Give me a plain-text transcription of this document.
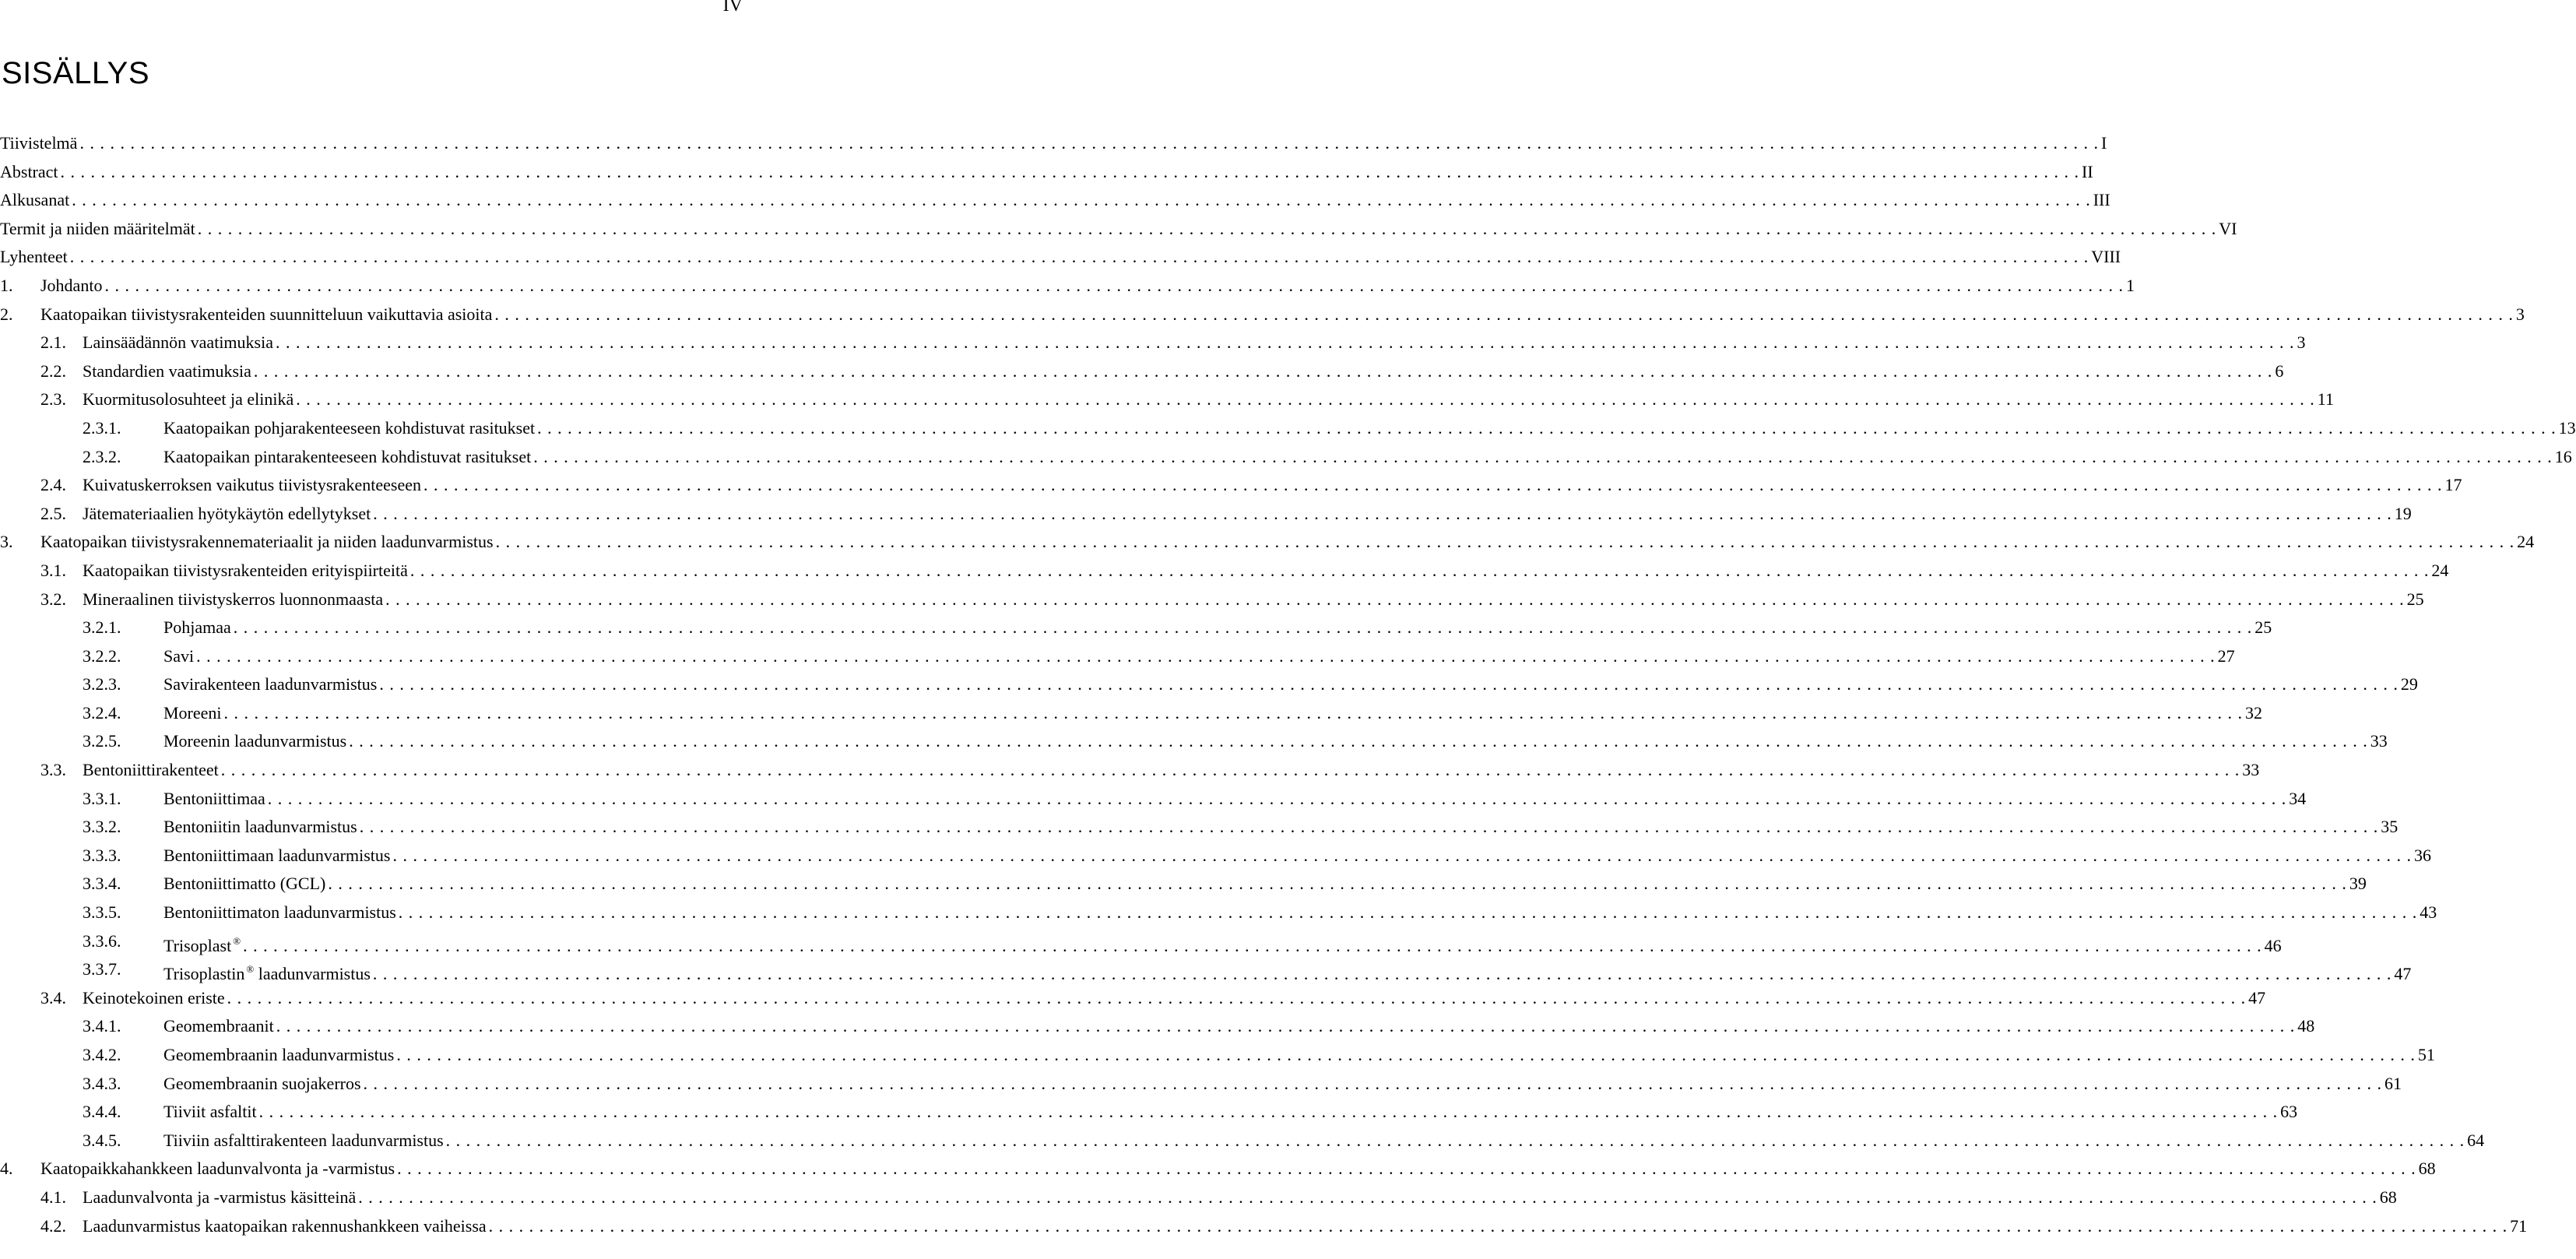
IV
SISÄLLYS
Tiivistelmä . . . . . . . . . . . . . . . . . . . . . . . . . . . . . . . . . . . . . . . . . . . . . . . . . . . . . . . . . . . . . . . . . . . . . . . . . . . . . . . . . . . . . . . . . . . . . . . . . . . . . . . . . . . . . . . . . . . . . . . . . . . . . . . . . . . . . . . . . . . . . . . . . . . . . . . . . . . . . . . . . . . . . . . . . . . . . . . . . . . . . . . . . . . . . . . . . . . . . . . . I
Abstract . . . . . . . . . . . . . . . . . . . . . . . . . . . . . . . . . . . . . . . . . . . . . . . . . . . . . . . . . . . . . . . . . . . . . . . . . . . . . . . . . . . . . . . . . . . . . . . . . . . . . . . . . . . . . . . . . . . . . . . . . . . . . . . . . . . . . . . . . . . . . . . . . . . . . . . . . . . . . . . . . . . . . . . . . . . . . . . . . . . . . . . . . . . . . . . . . . . . . . . . II
Alkusanat . . . . . . . . . . . . . . . . . . . . . . . . . . . . . . . . . . . . . . . . . . . . . . . . . . . . . . . . . . . . . . . . . . . . . . . . . . . . . . . . . . . . . . . . . . . . . . . . . . . . . . . . . . . . . . . . . . . . . . . . . . . . . . . . . . . . . . . . . . . . . . . . . . . . . . . . . . . . . . . . . . . . . . . . . . . . . . . . . . . . . . . . . . . . . . . . . . . . . . . . III
Termit ja niiden määritelmät . . . . . . . . . . . . . . . . . . . . . . . . . . . . . . . . . . . . . . . . . . . . . . . . . . . . . . . . . . . . . . . . . . . . . . . . . . . . . . . . . . . . . . . . . . . . . . . . . . . . . . . . . . . . . . . . . . . . . . . . . . . . . . . . . . . . . . . . . . . . . . . . . . . . . . . . . . . . . . . . . . . . . . . . . . . . . . . . . . . . . . . . . . . . . . . . . . . . . . . . VI
Lyhenteet . . . . . . . . . . . . . . . . . . . . . . . . . . . . . . . . . . . . . . . . . . . . . . . . . . . . . . . . . . . . . . . . . . . . . . . . . . . . . . . . . . . . . . . . . . . . . . . . . . . . . . . . . . . . . . . . . . . . . . . . . . . . . . . . . . . . . . . . . . . . . . . . . . . . . . . . . . . . . . . . . . . . . . . . . . . . . . . . . . . . . . . . . . . . . . . . . . . . . . . . VIII
1. Johdanto . . . . . . . . . . . . . . . . . . . . . . . . . . . . . . . . . . . . . . . . . . . . . . . . . . . . . . . . . . . . . . . . . . . . . . . . . . . . . . . . . . . . . . . . . . . . . . . . . . . . . . . . . . . . . . . . . . . . . . . . . . . . . . . . . . . . . . . . . . . . . . . . . . . . . . . . . . . . . . . . . . . . . . . . . . . . . . . . . . . . . . . . . . . . . . . . . . . . . . . . 1
2. Kaatopaikan tiivistysrakenteiden suunnitteluun vaikuttavia asioita . . . . . . . . . . . . . . . . . . . . . . . . . . . . . . . . . . . . . . . . . . . . . . . . . . . . . . . . . . . . . . . . . . . . . . . . . . . . . . . . . . . . . . . . . . . . . . . . . . . . . . . . . . . . . . . . . . . . . . . . . . . . . . . . . . . . . . . . . . . . . . . . . . . . . . . . . . . . . . . . . . . . . . . . . . . . . . . . . . . . . . . . . . . . . . . . . . . . . . . . 3
2.1. Lainsäädännön vaatimuksia . . . . . . . . . . . . . . . . . . . . . . . . . . . . . . . . . . . . . . . . . . . . . . . . . . . . . . . . . . . . . . . . . . . . . . . . . . . . . . . . . . . . . . . . . . . . . . . . . . . . . . . . . . . . . . . . . . . . . . . . . . . . . . . . . . . . . . . . . . . . . . . . . . . . . . . . . . . . . . . . . . . . . . . . . . . . . . . . . . . . . . . . . . . . . . . . . . . . . . . . 3
2.2. Standardien vaatimuksia . . . . . . . . . . . . . . . . . . . . . . . . . . . . . . . . . . . . . . . . . . . . . . . . . . . . . . . . . . . . . . . . . . . . . . . . . . . . . . . . . . . . . . . . . . . . . . . . . . . . . . . . . . . . . . . . . . . . . . . . . . . . . . . . . . . . . . . . . . . . . . . . . . . . . . . . . . . . . . . . . . . . . . . . . . . . . . . . . . . . . . . . . . . . . . . . . . . . . . . . 6
2.3. Kuormitusolosuhteet ja elinikä . . . . . . . . . . . . . . . . . . . . . . . . . . . . . . . . . . . . . . . . . . . . . . . . . . . . . . . . . . . . . . . . . . . . . . . . . . . . . . . . . . . . . . . . . . . . . . . . . . . . . . . . . . . . . . . . . . . . . . . . . . . . . . . . . . . . . . . . . . . . . . . . . . . . . . . . . . . . . . . . . . . . . . . . . . . . . . . . . . . . . . . . . . . . . . . . . . . . . . . . 11
2.3.1. Kaatopaikan pohjarakenteeseen kohdistuvat rasitukset . . . . . . . . . . . . . . . . . . . . . . . . . . . . . . . . . . . . . . . . . . . . . . . . . . . . . . . . . . . . . . . . . . . . . . . . . . . . . . . . . . . . . . . . . . . . . . . . . . . . . . . . . . . . . . . . . . . . . . . . . . . . . . . . . . . . . . . . . . . . . . . . . . . . . . . . . . . . . . . . . . . . . . . . . . . . . . . . . . . . . . . . . . . . . . . . . . . . . . . . 13
2.3.2. Kaatopaikan pintarakenteeseen kohdistuvat rasitukset . . . . . . . . . . . . . . . . . . . . . . . . . . . . . . . . . . . . . . . . . . . . . . . . . . . . . . . . . . . . . . . . . . . . . . . . . . . . . . . . . . . . . . . . . . . . . . . . . . . . . . . . . . . . . . . . . . . . . . . . . . . . . . . . . . . . . . . . . . . . . . . . . . . . . . . . . . . . . . . . . . . . . . . . . . . . . . . . . . . . . . . . . . . . . . . . . . . . . . . . 16
2.4. Kuivatuskerroksen vaikutus tiivistysrakenteeseen . . . . . . . . . . . . . . . . . . . . . . . . . . . . . . . . . . . . . . . . . . . . . . . . . . . . . . . . . . . . . . . . . . . . . . . . . . . . . . . . . . . . . . . . . . . . . . . . . . . . . . . . . . . . . . . . . . . . . . . . . . . . . . . . . . . . . . . . . . . . . . . . . . . . . . . . . . . . . . . . . . . . . . . . . . . . . . . . . . . . . . . . . . . . . . . . . . . . . . . . 17
2.5. Jätemateriaalien hyötykäytön edellytykset . . . . . . . . . . . . . . . . . . . . . . . . . . . . . . . . . . . . . . . . . . . . . . . . . . . . . . . . . . . . . . . . . . . . . . . . . . . . . . . . . . . . . . . . . . . . . . . . . . . . . . . . . . . . . . . . . . . . . . . . . . . . . . . . . . . . . . . . . . . . . . . . . . . . . . . . . . . . . . . . . . . . . . . . . . . . . . . . . . . . . . . . . . . . . . . . . . . . . . . . 19
3. Kaatopaikan tiivistysrakennemateriaalit ja niiden laadunvarmistus . . . . . . . . . . . . . . . . . . . . . . . . . . . . . . . . . . . . . . . . . . . . . . . . . . . . . . . . . . . . . . . . . . . . . . . . . . . . . . . . . . . . . . . . . . . . . . . . . . . . . . . . . . . . . . . . . . . . . . . . . . . . . . . . . . . . . . . . . . . . . . . . . . . . . . . . . . . . . . . . . . . . . . . . . . . . . . . . . . . . . . . . . . . . . . . . . . . . . . . . 24
3.1. Kaatopaikan tiivistysrakenteiden erityispiirteitä . . . . . . . . . . . . . . . . . . . . . . . . . . . . . . . . . . . . . . . . . . . . . . . . . . . . . . . . . . . . . . . . . . . . . . . . . . . . . . . . . . . . . . . . . . . . . . . . . . . . . . . . . . . . . . . . . . . . . . . . . . . . . . . . . . . . . . . . . . . . . . . . . . . . . . . . . . . . . . . . . . . . . . . . . . . . . . . . . . . . . . . . . . . . . . . . . . . . . . . . 24
3.2. Mineraalinen tiivistyskerros luonnonmaasta . . . . . . . . . . . . . . . . . . . . . . . . . . . . . . . . . . . . . . . . . . . . . . . . . . . . . . . . . . . . . . . . . . . . . . . . . . . . . . . . . . . . . . . . . . . . . . . . . . . . . . . . . . . . . . . . . . . . . . . . . . . . . . . . . . . . . . . . . . . . . . . . . . . . . . . . . . . . . . . . . . . . . . . . . . . . . . . . . . . . . . . . . . . . . . . . . . . . . . . . 25
3.2.1. Pohjamaa . . . . . . . . . . . . . . . . . . . . . . . . . . . . . . . . . . . . . . . . . . . . . . . . . . . . . . . . . . . . . . . . . . . . . . . . . . . . . . . . . . . . . . . . . . . . . . . . . . . . . . . . . . . . . . . . . . . . . . . . . . . . . . . . . . . . . . . . . . . . . . . . . . . . . . . . . . . . . . . . . . . . . . . . . . . . . . . . . . . . . . . . . . . . . . . . . . . . . . . . 25
3.2.2. Savi . . . . . . . . . . . . . . . . . . . . . . . . . . . . . . . . . . . . . . . . . . . . . . . . . . . . . . . . . . . . . . . . . . . . . . . . . . . . . . . . . . . . . . . . . . . . . . . . . . . . . . . . . . . . . . . . . . . . . . . . . . . . . . . . . . . . . . . . . . . . . . . . . . . . . . . . . . . . . . . . . . . . . . . . . . . . . . . . . . . . . . . . . . . . . . . . . . . . . . . . 27
3.2.3. Savirakenteen laadunvarmistus . . . . . . . . . . . . . . . . . . . . . . . . . . . . . . . . . . . . . . . . . . . . . . . . . . . . . . . . . . . . . . . . . . . . . . . . . . . . . . . . . . . . . . . . . . . . . . . . . . . . . . . . . . . . . . . . . . . . . . . . . . . . . . . . . . . . . . . . . . . . . . . . . . . . . . . . . . . . . . . . . . . . . . . . . . . . . . . . . . . . . . . . . . . . . . . . . . . . . . . . 29
3.2.4. Moreeni . . . . . . . . . . . . . . . . . . . . . . . . . . . . . . . . . . . . . . . . . . . . . . . . . . . . . . . . . . . . . . . . . . . . . . . . . . . . . . . . . . . . . . . . . . . . . . . . . . . . . . . . . . . . . . . . . . . . . . . . . . . . . . . . . . . . . . . . . . . . . . . . . . . . . . . . . . . . . . . . . . . . . . . . . . . . . . . . . . . . . . . . . . . . . . . . . . . . . . . . 32
3.2.5. Moreenin laadunvarmistus . . . . . . . . . . . . . . . . . . . . . . . . . . . . . . . . . . . . . . . . . . . . . . . . . . . . . . . . . . . . . . . . . . . . . . . . . . . . . . . . . . . . . . . . . . . . . . . . . . . . . . . . . . . . . . . . . . . . . . . . . . . . . . . . . . . . . . . . . . . . . . . . . . . . . . . . . . . . . . . . . . . . . . . . . . . . . . . . . . . . . . . . . . . . . . . . . . . . . . . . 33
3.3. Bentoniittirakenteet . . . . . . . . . . . . . . . . . . . . . . . . . . . . . . . . . . . . . . . . . . . . . . . . . . . . . . . . . . . . . . . . . . . . . . . . . . . . . . . . . . . . . . . . . . . . . . . . . . . . . . . . . . . . . . . . . . . . . . . . . . . . . . . . . . . . . . . . . . . . . . . . . . . . . . . . . . . . . . . . . . . . . . . . . . . . . . . . . . . . . . . . . . . . . . . . . . . . . . . . 33
3.3.1. Bentoniittimaa . . . . . . . . . . . . . . . . . . . . . . . . . . . . . . . . . . . . . . . . . . . . . . . . . . . . . . . . . . . . . . . . . . . . . . . . . . . . . . . . . . . . . . . . . . . . . . . . . . . . . . . . . . . . . . . . . . . . . . . . . . . . . . . . . . . . . . . . . . . . . . . . . . . . . . . . . . . . . . . . . . . . . . . . . . . . . . . . . . . . . . . . . . . . . . . . . . . . . . . . 34
3.3.2. Bentoniitin laadunvarmistus . . . . . . . . . . . . . . . . . . . . . . . . . . . . . . . . . . . . . . . . . . . . . . . . . . . . . . . . . . . . . . . . . . . . . . . . . . . . . . . . . . . . . . . . . . . . . . . . . . . . . . . . . . . . . . . . . . . . . . . . . . . . . . . . . . . . . . . . . . . . . . . . . . . . . . . . . . . . . . . . . . . . . . . . . . . . . . . . . . . . . . . . . . . . . . . . . . . . . . . . 35
3.3.3. Bentoniittimaan laadunvarmistus . . . . . . . . . . . . . . . . . . . . . . . . . . . . . . . . . . . . . . . . . . . . . . . . . . . . . . . . . . . . . . . . . . . . . . . . . . . . . . . . . . . . . . . . . . . . . . . . . . . . . . . . . . . . . . . . . . . . . . . . . . . . . . . . . . . . . . . . . . . . . . . . . . . . . . . . . . . . . . . . . . . . . . . . . . . . . . . . . . . . . . . . . . . . . . . . . . . . . . . . 36
3.3.4. Bentoniittimatto (GCL) . . . . . . . . . . . . . . . . . . . . . . . . . . . . . . . . . . . . . . . . . . . . . . . . . . . . . . . . . . . . . . . . . . . . . . . . . . . . . . . . . . . . . . . . . . . . . . . . . . . . . . . . . . . . . . . . . . . . . . . . . . . . . . . . . . . . . . . . . . . . . . . . . . . . . . . . . . . . . . . . . . . . . . . . . . . . . . . . . . . . . . . . . . . . . . . . . . . . . . . . 39
3.3.5. Bentoniittimaton laadunvarmistus . . . . . . . . . . . . . . . . . . . . . . . . . . . . . . . . . . . . . . . . . . . . . . . . . . . . . . . . . . . . . . . . . . . . . . . . . . . . . . . . . . . . . . . . . . . . . . . . . . . . . . . . . . . . . . . . . . . . . . . . . . . . . . . . . . . . . . . . . . . . . . . . . . . . . . . . . . . . . . . . . . . . . . . . . . . . . . . . . . . . . . . . . . . . . . . . . . . . . . . . 43
3.3.6. Trisoplast ® . . . . . . . . . . . . . . . . . . . . . . . . . . . . . . . . . . . . . . . . . . . . . . . . . . . . . . . . . . . . . . . . . . . . . . . . . . . . . . . . . . . . . . . . . . . . . . . . . . . . . . . . . . . . . . . . . . . . . . . . . . . . . . . . . . . . . . . . . . . . . . . . . . . . . . . . . . . . . . . . . . . . . . . . . . . . . . . . . . . . . . . . . . . . . . . . . . . . . . . . 46
3.3.7. Trisoplastin ® laadunvarmistus . . . . . . . . . . . . . . . . . . . . . . . . . . . . . . . . . . . . . . . . . . . . . . . . . . . . . . . . . . . . . . . . . . . . . . . . . . . . . . . . . . . . . . . . . . . . . . . . . . . . . . . . . . . . . . . . . . . . . . . . . . . . . . . . . . . . . . . . . . . . . . . . . . . . . . . . . . . . . . . . . . . . . . . . . . . . . . . . . . . . . . . . . . . . . . . . . . . . . . . . 47
3.4. Keinotekoinen eriste . . . . . . . . . . . . . . . . . . . . . . . . . . . . . . . . . . . . . . . . . . . . . . . . . . . . . . . . . . . . . . . . . . . . . . . . . . . . . . . . . . . . . . . . . . . . . . . . . . . . . . . . . . . . . . . . . . . . . . . . . . . . . . . . . . . . . . . . . . . . . . . . . . . . . . . . . . . . . . . . . . . . . . . . . . . . . . . . . . . . . . . . . . . . . . . . . . . . . . . . 47
3.4.1. Geomembraanit . . . . . . . . . . . . . . . . . . . . . . . . . . . . . . . . . . . . . . . . . . . . . . . . . . . . . . . . . . . . . . . . . . . . . . . . . . . . . . . . . . . . . . . . . . . . . . . . . . . . . . . . . . . . . . . . . . . . . . . . . . . . . . . . . . . . . . . . . . . . . . . . . . . . . . . . . . . . . . . . . . . . . . . . . . . . . . . . . . . . . . . . . . . . . . . . . . . . . . . . 48
3.4.2. Geomembraanin laadunvarmistus . . . . . . . . . . . . . . . . . . . . . . . . . . . . . . . . . . . . . . . . . . . . . . . . . . . . . . . . . . . . . . . . . . . . . . . . . . . . . . . . . . . . . . . . . . . . . . . . . . . . . . . . . . . . . . . . . . . . . . . . . . . . . . . . . . . . . . . . . . . . . . . . . . . . . . . . . . . . . . . . . . . . . . . . . . . . . . . . . . . . . . . . . . . . . . . . . . . . . . . . 51
3.4.3. Geomembraanin suojakerros . . . . . . . . . . . . . . . . . . . . . . . . . . . . . . . . . . . . . . . . . . . . . . . . . . . . . . . . . . . . . . . . . . . . . . . . . . . . . . . . . . . . . . . . . . . . . . . . . . . . . . . . . . . . . . . . . . . . . . . . . . . . . . . . . . . . . . . . . . . . . . . . . . . . . . . . . . . . . . . . . . . . . . . . . . . . . . . . . . . . . . . . . . . . . . . . . . . . . . . . 61
3.4.4. Tiiviit asfaltit . . . . . . . . . . . . . . . . . . . . . . . . . . . . . . . . . . . . . . . . . . . . . . . . . . . . . . . . . . . . . . . . . . . . . . . . . . . . . . . . . . . . . . . . . . . . . . . . . . . . . . . . . . . . . . . . . . . . . . . . . . . . . . . . . . . . . . . . . . . . . . . . . . . . . . . . . . . . . . . . . . . . . . . . . . . . . . . . . . . . . . . . . . . . . . . . . . . . . . . . 63
3.4.5. Tiiviin asfalttirakenteen laadunvarmistus . . . . . . . . . . . . . . . . . . . . . . . . . . . . . . . . . . . . . . . . . . . . . . . . . . . . . . . . . . . . . . . . . . . . . . . . . . . . . . . . . . . . . . . . . . . . . . . . . . . . . . . . . . . . . . . . . . . . . . . . . . . . . . . . . . . . . . . . . . . . . . . . . . . . . . . . . . . . . . . . . . . . . . . . . . . . . . . . . . . . . . . . . . . . . . . . . . . . . . . . 64
4. Kaatopaikkahankkeen laadunvalvonta ja -varmistus . . . . . . . . . . . . . . . . . . . . . . . . . . . . . . . . . . . . . . . . . . . . . . . . . . . . . . . . . . . . . . . . . . . . . . . . . . . . . . . . . . . . . . . . . . . . . . . . . . . . . . . . . . . . . . . . . . . . . . . . . . . . . . . . . . . . . . . . . . . . . . . . . . . . . . . . . . . . . . . . . . . . . . . . . . . . . . . . . . . . . . . . . . . . . . . . . . . . . . . . 68
4.1. Laadunvalvonta ja -varmistus käsitteinä . . . . . . . . . . . . . . . . . . . . . . . . . . . . . . . . . . . . . . . . . . . . . . . . . . . . . . . . . . . . . . . . . . . . . . . . . . . . . . . . . . . . . . . . . . . . . . . . . . . . . . . . . . . . . . . . . . . . . . . . . . . . . . . . . . . . . . . . . . . . . . . . . . . . . . . . . . . . . . . . . . . . . . . . . . . . . . . . . . . . . . . . . . . . . . . . . . . . . . . . 68
4.2. Laadunvarmistus kaatopaikan rakennushankkeen vaiheissa . . . . . . . . . . . . . . . . . . . . . . . . . . . . . . . . . . . . . . . . . . . . . . . . . . . . . . . . . . . . . . . . . . . . . . . . . . . . . . . . . . . . . . . . . . . . . . . . . . . . . . . . . . . . . . . . . . . . . . . . . . . . . . . . . . . . . . . . . . . . . . . . . . . . . . . . . . . . . . . . . . . . . . . . . . . . . . . . . . . . . . . . . . . . . . . . . . . . . . . . 71
